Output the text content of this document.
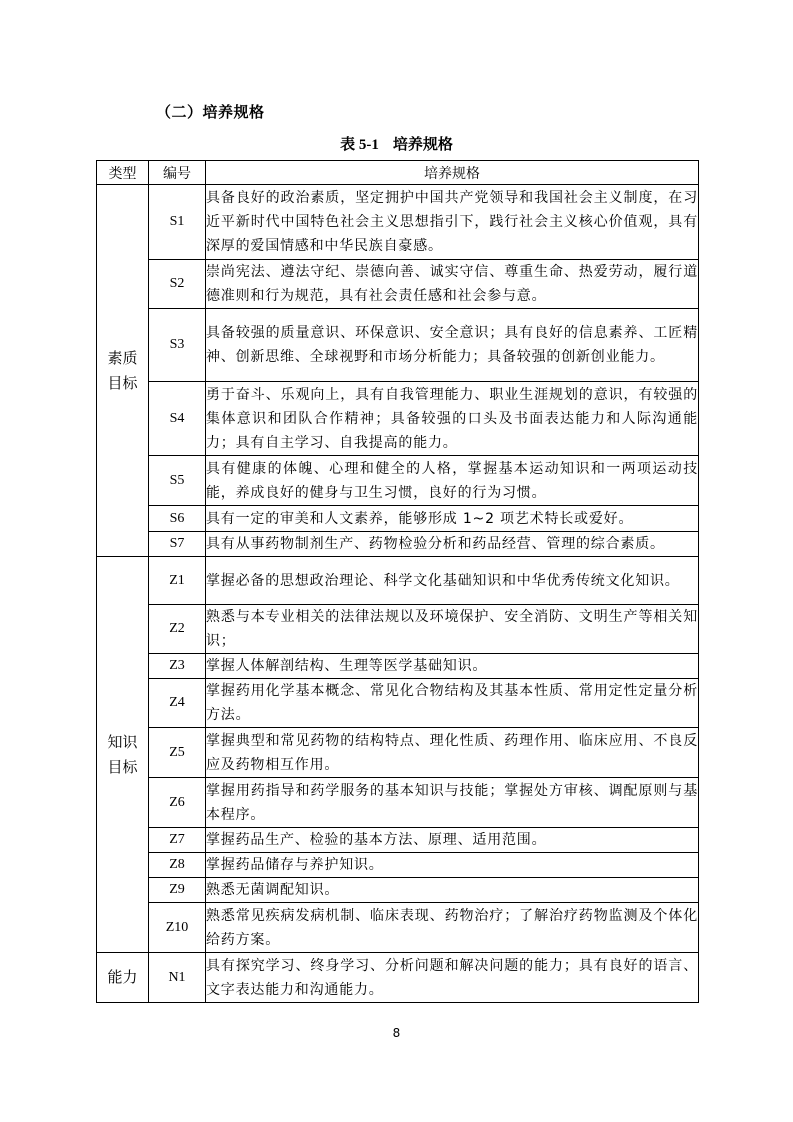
（二）培养规格
表 5-1 培养规格
类型	编号	培养规格
素质目标	S1	具备良好的政治素质，坚定拥护中国共产党领导和我国社会主义制度，在习近平新时代中国特色社会主义思想指引下，践行社会主义核心价值观，具有深厚的爱国情感和中华民族自豪感。
	S2	崇尚宪法、遵法守纪、崇德向善、诚实守信、尊重生命、热爱劳动，履行道德准则和行为规范，具有社会责任感和社会参与意。
	S3	具备较强的质量意识、环保意识、安全意识；具有良好的信息素养、工匠精神、创新思维、全球视野和市场分析能力；具备较强的创新创业能力。
	S4	勇于奋斗、乐观向上，具有自我管理能力、职业生涯规划的意识，有较强的集体意识和团队合作精神；具备较强的口头及书面表达能力和人际沟通能力；具有自主学习、自我提高的能力。
	S5	具有健康的体魄、心理和健全的人格，掌握基本运动知识和一两项运动技能，养成良好的健身与卫生习惯，良好的行为习惯。
	S6	具有一定的审美和人文素养，能够形成 1~2 项艺术特长或爱好。
	S7	具有从事药物制剂生产、药物检验分析和药品经营、管理的综合素质。
知识目标	Z1	掌握必备的思想政治理论、科学文化基础知识和中华优秀传统文化知识。
	Z2	熟悉与本专业相关的法律法规以及环境保护、安全消防、文明生产等相关知识；
	Z3	掌握人体解剖结构、生理等医学基础知识。
	Z4	掌握药用化学基本概念、常见化合物结构及其基本性质、常用定性定量分析方法。
	Z5	掌握典型和常见药物的结构特点、理化性质、药理作用、临床应用、不良反应及药物相互作用。
	Z6	掌握用药指导和药学服务的基本知识与技能；掌握处方审核、调配原则与基本程序。
	Z7	掌握药品生产、检验的基本方法、原理、适用范围。
	Z8	掌握药品储存与养护知识。
	Z9	熟悉无菌调配知识。
	Z10	熟悉常见疾病发病机制、临床表现、药物治疗；了解治疗药物监测及个体化给药方案。
能力	N1	具有探究学习、终身学习、分析问题和解决问题的能力；具有良好的语言、文字表达能力和沟通能力。
8
